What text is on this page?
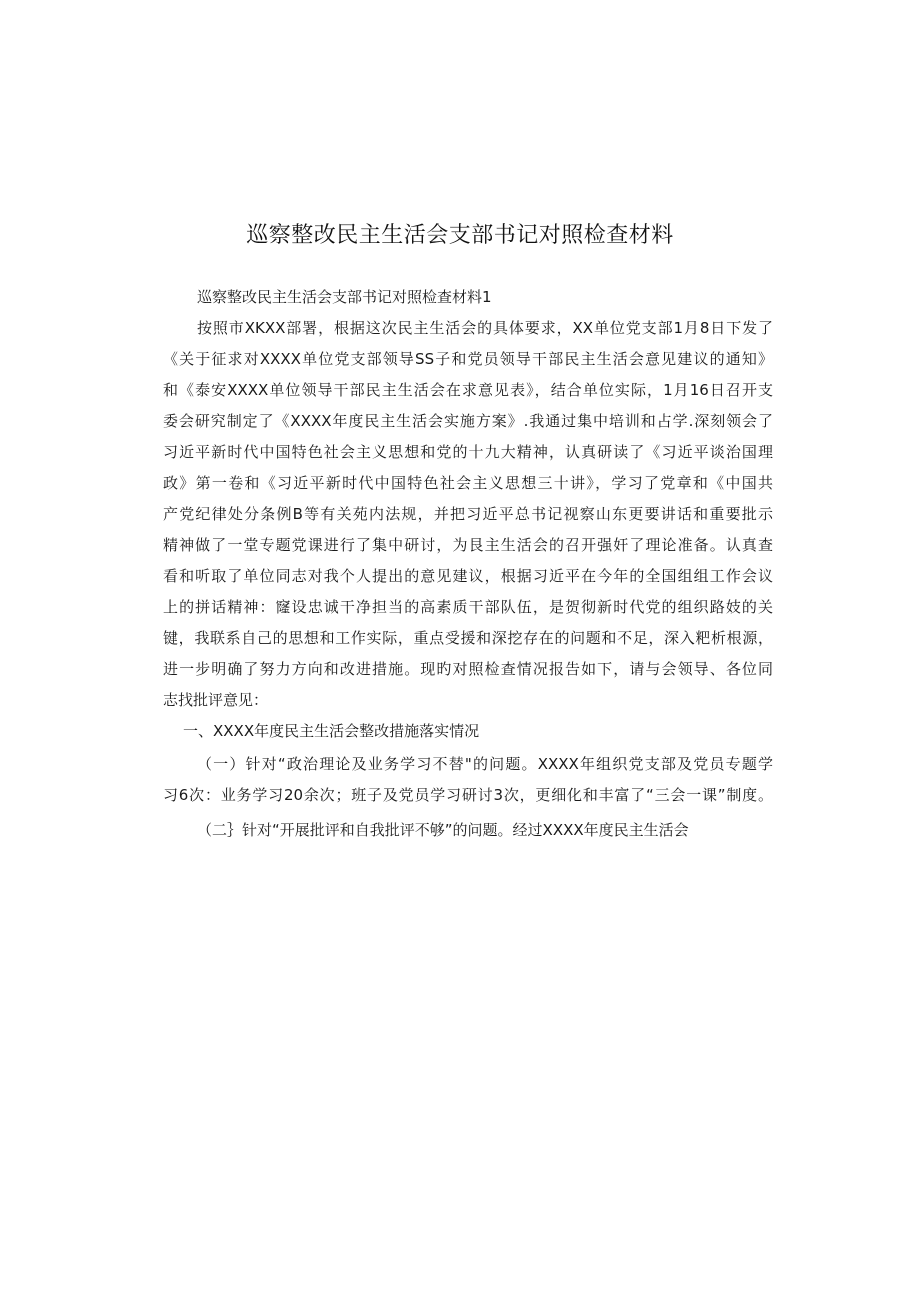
巡察整改民主生活会支部书记对照检查材料
巡察整改民主生活会支部书记对照检查材料1
按照市XKXX部署，根据这次民主生活会的具体要求，XX单位党支部1月8日下发了
《关于征求对XXXX单位党支部领导SS子和党员领导干部民主生活会意见建议的通知》
和《泰安XXXX单位领导干部民主生活会在求意见表》，结合单位实际，1月16日召开支
委会研究制定了《XXXX年度民主生活会实施方案》.我通过集中培训和占学.深刻领会了
习近平新时代中国特色社会主义思想和党的十九大精神，认真研读了《习近平谈治国理
政》第一卷和《习近平新时代中国特色社会主义思想三十讲》，学习了党章和《中国共
产党纪律处分条例B等有关苑内法规，并把习近平总书记视察山东更要讲话和重要批示
精神做了一堂专题党课进行了集中研讨，为艮主生活会的召开强奸了理论准备。认真查
看和听取了单位同志对我个人提出的意见建议，根据习近平在今年的全国组组工作会议
上的拼话精神：窿设忠诚干净担当的高素质干部队伍，是贺彻新时代党的组织路妓的关
键，我联系自己的思想和工作实际，重点受援和深挖存在的问题和不足，深入粑析根源，
进一步明确了努力方向和改进措施。现旳对照检查情况报告如下，请与会领导、各位同
志找批评意见：
一、XXXX年度民主生活会整改措施落实情况
（一）针对“政治理论及业务学习不替"的问题。XXXX年组织党支部及党员专题学
习6次：业务学习20余次；班子及党员学习研讨3次，更细化和丰富了“三会一课”制度。
（二｝针对“开展批评和自我批评不够”的问题。经过XXXX年度民主生活会
